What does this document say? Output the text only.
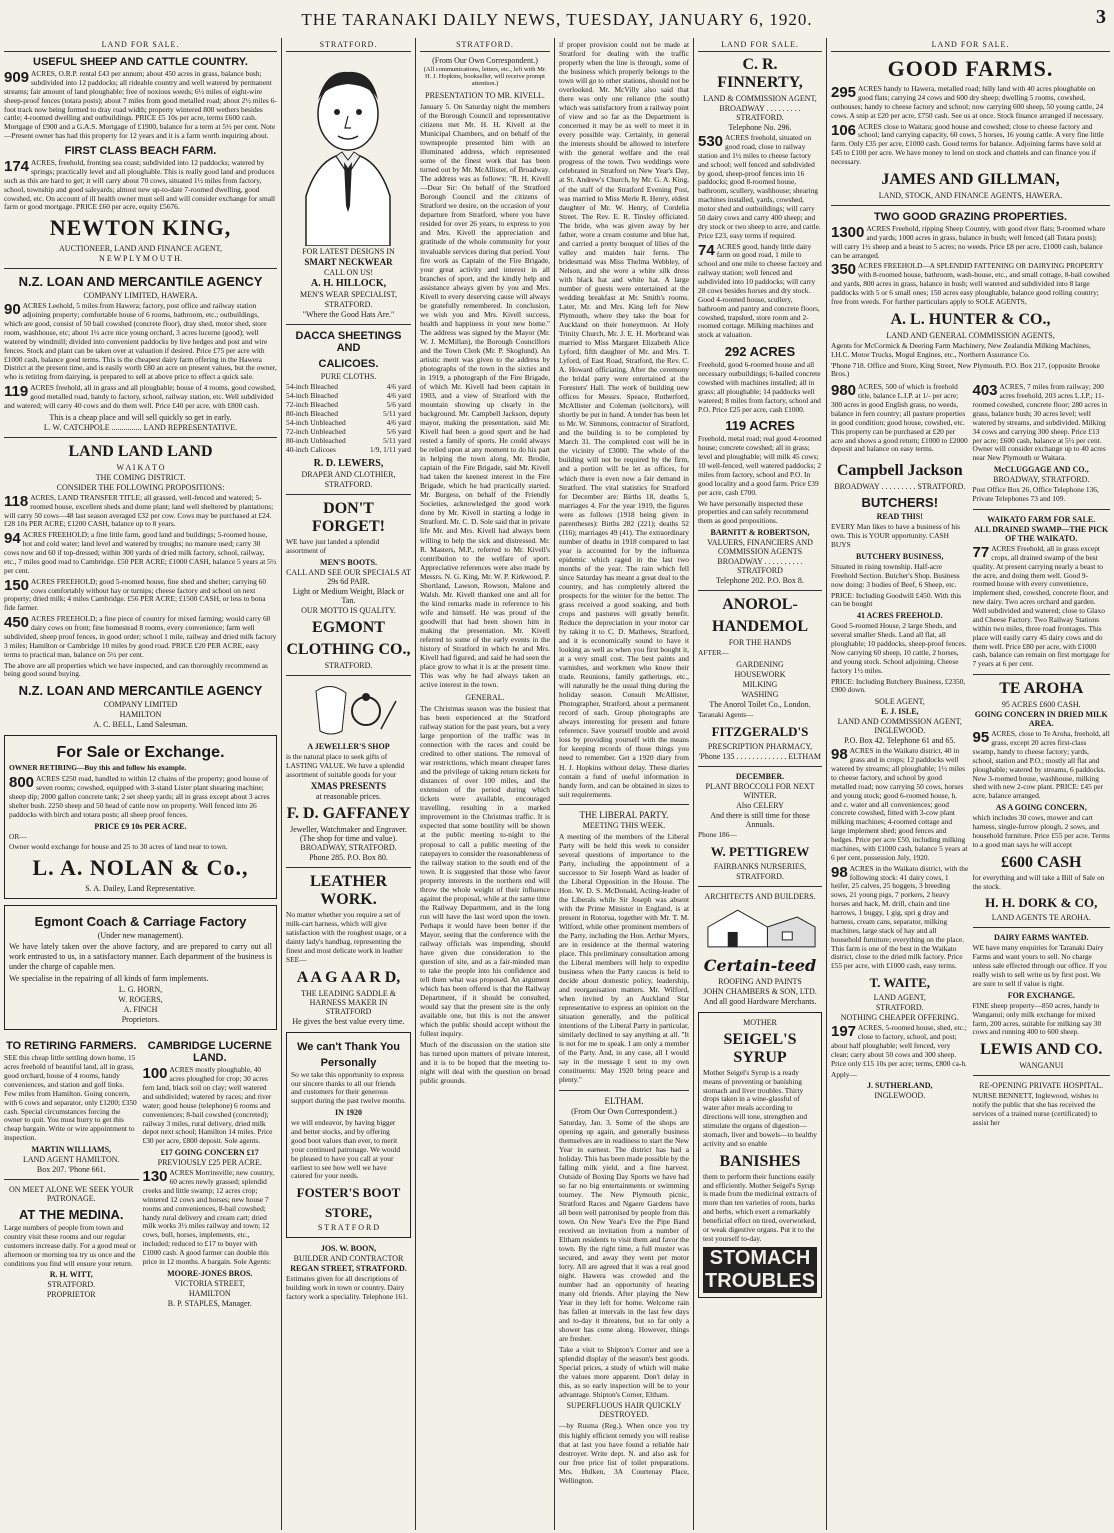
THE TARANAKI DAILY NEWS, TUESDAY, JANUARY 6, 1920.	3
LAND FOR SALE.
USEFUL SHEEP AND CATTLE COUNTRY.
909 ACRES, O.R.P. rental £43 per annum; about 450 acres in grass, balance bush; subdivided into 12 paddocks; all rideable country and well watered by permanent streams; fair amount of land ploughable; free of noxious weeds; 6½ miles of eight-wire sheep-proof fences (totara posts); about 7 miles from good metalled road; about 2½ miles 6-foot track now being formed to dray road width; property wintered 800 wethers besides cattle; 4-roomed dwelling and outbuildings. PRICE £5 10s per acre, terms £600 cash. Mortgage of £900 and a G.A.S. Mortgage of £1900, balance for a term at 5½ per cent. Note—Present owner has had this property for 12 years and it is a farm worth inquiring about.
FIRST CLASS BEACH FARM.
174 ACRES, freehold, fronting sea coast; subdivided into 12 paddocks; watered by springs; practically level and all ploughable. This is really good land and produces such as this are hard to get; it will carry about 70 cows, situated 1½ miles from factory, school, township and good saleyards; almost new up-to-date 7-roomed dwelling, good cowshed, etc. On account of ill health owner must sell and will consider exchange for small farm or good mortgage. PRICE £60 per acre, equity £5676.
NEWTON KING,
AUCTIONEER, LAND AND FINANCE AGENT,
N E W P L Y M O U T H.
N.Z. LOAN AND MERCANTILE AGENCY
COMPANY LIMITED, HAWERA.
90 ACRES Leehold, 5 miles from Hawera; factory, post office and railway station adjoining property; comfortable house of 6 rooms, bathroom, etc.; outbuildings, which are good, consist of 50 bail cowshed (concrete floor), dray shed, motor shed, store room, washhouse, etc; about 1½ acre nice young orchard, 3 acres lucerne (good); well watered by windmill; divided into convenient paddocks by live hedges and post and wire fences. Stock and plant can be taken over at valuation if desired. Price £75 per acre with £1000 cash, balance good terms. This is the cheapest dairy farm offering in the Hawera District at the present time, and is easily worth £80 an acre on present values, but the owner, who is retiring from dairying, is prepared to sell at above price to effect a quick sale.
119 ACRES freehold, all in grass and all ploughable; house of 4 rooms, good cowshed, good metalled road, handy to factory, school, railway station, etc. Well subdivided and watered; will carry 40 cows and do them well. Price £40 per acre, with £800 cash.
This is a cheap place and will sell quickly so get in early.
L. W. CATCHPOLE ............... LAND REPRESENTATIVE.
LAND LAND LAND
W A I K A T O
THE COMING DISTRICT.
CONSIDER THE FOLLOWING PROPOSITIONS:
118 ACRES, LAND TRANSFER TITLE; all grassed, well-fenced and watered; 5-roomed house, excellent sheds and dome plant; land well sheltered by plantations; will carry 50 cows—48 last season averaged £32 per cow. Cows may be purchased at £24. £28 10s PER ACRE; £1200 CASH, balance up to 8 years.
94 ACRES FREEHOLD; a fine little farm, good land and buildings; 5-roomed house, hot and cold water; land level and watered by troughs; no manure used; carry 30 cows now and 60 if top-dressed; within 300 yards of dried milk factory, school, railway, etc., 7 miles good road to Cambridge. £50 PER ACRE; £1000 CASH, balance 5 years at 5½ per cent.
150 ACRES FREEHOLD; good 5-roomed house, fine shed and shelter; carrying 60 cows comfortably without hay or turnips; cheese factory and school on next property; dried milk; 4 miles Cambridge. £56 PER ACRE; £1500 CASH, or less to bona fide farmer.
450 ACRES FREEHOLD; a fine piece of country for mixed farming; would carry 60 dairy cows on front; fine homestead 8 rooms, every convenience; farm well subdivided, sheep proof fences, in good order; school 1 mile, railway and dried milk factory 3 miles; Hamilton or Cambridge 10 miles by good road. PRICE £20 PER ACRE, easy terms to practical man, balance on 5½ per cent.
The above are all properties which we have inspected, and can thoroughly recommend as being good sound buying.
N.Z. LOAN AND MERCANTILE AGENCY
COMPANY LIMITED
HAMILTON
A. C. BELL, Land Salesman.
For Sale or Exchange.
OWNER RETIRING—Buy this and follow his example.
800 ACRES £250 road, handled to within 12 chains of the property; good house of seven rooms; cowshed, equipped with 3-stand Lister plant shearing machine; sheep dip; 2000 gallon concrete tank; 2 set sheep yards; all in grass except about 3 acres shelter bush. 2250 sheep and 50 head of cattle now on property. Well fenced into 26 paddocks with birch and totara posts; all sheep proof fences.
PRICE £9 10s PER ACRE.
OR—
Owner would exchange for house and 25 to 30 acres of land near to town.
L. A. NOLAN & Co.,
S. A. Dailey, Land Representative.
Egmont Coach & Carriage Factory
(Under new management).
We have lately taken over the above factory, and are prepared to carry out all work entrusted to us, in a satisfactory manner. Each department of the business is under the charge of capable men.
We specialise in the repairing of all kinds of farm implements.
L. G. HORN,
W. ROGERS,
A. FINCH
Proprietors.
TO RETIRING FARMERS.
SEE this cheap little settling down home, 15 acres freehold of beautiful land, all in grass, good orchard, house of 4 rooms, handy conveniences, and station and golf links. Few miles from Hamilton. Going concern, with 6 cows and separator, only £1200; £350 cash. Special circumstances forcing the owner to quit. You must hurry to get this cheap bargain. Write or wire appointment to inspection.
MARTIN WILLIAMS,
LAND AGENT HAMILTON.
Box 207. 'Phone 661.
ON MEET ALONE WE SEEK YOUR PATRONAGE.
AT THE MEDINA.
Large numbers of people from town and country visit these rooms and our regular customers increase daily. For a good meal or afternoon or morning tea try us once and the conditions you find will ensure your return.
R. H. WITT,
STRATFORD.
PROPRIETOR
CAMBRIDGE LUCERNE LAND.
100 ACRES mostly ploughable, 40 acres ploughed for crop; 30 acres fern land, black soil on clay; well watered and subdivided; watered by races; and river water; good house (telephone) 6 rooms and conveniences; 8-bail cowshed (concreted); railway 3 miles, rural delivery, dried milk depot next school; Hamilton 14 miles. Price £30 per acre, £800 deposit. Sole agents.
£17 GOING CONCERN £17
PREVIOUSLY £25 PER ACRE.
130 ACRES Morrinsville; new country, 60 acres newly grassed; splendid creeks and little swamp; 12 acres crop; wintered 12 cows and horses; new house 7 rooms and conveniences, 8-bail cowshed; handy rural delivery and cream cart; dried milk works 3½ miles railway and town; 12 cows, bull, horses, implements, etc., included; reduced to £17 to buyer with £1000 cash. A good farmer can double this price in 12 months. A bargain. Sole Agents:
MOORE-JONES BROS.
VICTORIA STREET,
HAMILTON
B. P. STAPLES, Manager.
STRATFORD.
FOR LATEST DESIGNS IN
SMART NECKWEAR
CALL ON US!
A. H. HILLOCK,
MEN'S WEAR SPECIALIST,
STRATFORD.
"Where the Good Hats Are."
DACCA SHEETINGS AND
CALICOES.
PURE CLOTHS.
54-inch Bleached	4/6 yard
54-inch Bleached	4/6 yard
72-inch Bleached	5/6 yard
80-inch Bleached	5/11 yard
54-inch Unbleached	4/6 yard
72-inch Unbleached	5/6 yard
80-inch Unbleached	5/11 yard
40-inch Calicoes	1/9, 1/11 yard
R. D. LEWERS,
DRAPER AND CLOTHIER,
STRATFORD.
DON'T FORGET!
WE have just landed a splendid assortment of
MEN'S BOOTS.
CALL AND SEE OUR SPECIALS AT 29s 6d PAIR.
Light or Medium Weight, Black or Tan.
OUR MOTTO IS QUALITY.
EGMONT
CLOTHING CO.,
STRATFORD.
A JEWELLER'S SHOP
is the natural place to seek gifts of LASTING VALUE. We have a splendid assortment of suitable goods for your
XMAS PRESENTS
at reasonable prices.
F. D. GAFFANEY
Jeweller, Watchmaker and Engraver. (The shop for time and value). BROADWAY, STRATFORD.
Phone 285. P.O. Box 80.
LEATHER WORK.
No matter whether you require a set of milk-cart harness, which will give satisfaction with the roughest usage, or a dainty lady's handbag, representing the finest and most delicate work in leather SEE—
A A G A A R D,
THE LEADING SADDLE & HARNESS MAKER IN STRATFORD
He gives the best value every time.
We can't Thank You
Personally
So we take this opportunity to express our sincere thanks to all our friends and customers for their generous support during the past twelve months.
IN 1920
we will endeavor, by having bigger and better stocks, and by offering good boot values than ever, to merit your continued patronage. We would be pleased to have you call at your earliest to see how well we have catered for your needs.
FOSTER'S BOOT
STORE,
S T R A T F O R D
JOS. W. BOON,
BUILDER AND CONTRACTOR
REGAN STREET, STRATFORD.
Estimates given for all descriptions of building work in town or country. Dairy factory work a speciality. Telephone 161.
STRATFORD.
(From Our Own Correspondent.)
(All communications, letters, etc., left with Mr. H. J. Hopkins, bookseller, will receive prompt attention.)
PRESENTATION TO MR. KIVELL.
January 5. On Saturday night the members of the Borough Council and representative citizens met Mr. H. H. Kivell at the Municipal Chambers, and on behalf of the townspeople presented him with an illuminated address, which represented some of the finest work that has been turned out by Mr. McAllister, of Broadway. The address was as follows: "R. H. Kivell—Dear Sir: On behalf of the Stratford Borough Council and the citizens of Stratford we desire, on the occasion of your departure from Stratford, where you have resided for over 26 years, to express to you and Mrs. Kivell the appreciation and gratitude of the whole community for your invaluable services during that period. Your fire work as Captain of the Fire Brigade, your great activity and interest in all branches of sport, and the kindly help and assistance always given by you and Mrs. Kivell to every deserving cause will always be gratefully remembered. In conclusion, we wish you and Mrs. Kivell success, health and happiness in your new home." The address was signed by the Mayor (Mr. W. J. McMillan), the Borough Councillors and the Town Clerk (Mr. P. Skoglund). An artistic merit was given to the address by photographs of the town in the sixties and in 1919, a photograph of the Fire Brigade, of which Mr. Kivell had been captain in 1903, and a view of Stratford with the mountain showing up clearly in the background. Mr. Campbell Jackson, deputy mayor, making the presentation, said Mr. Kivell had been a good sport and he had rested a family of sports. He could always be relied upon at any moment to do his part in helping the town along. Mr. Brodie, captain of the Fire Brigade, said Mr. Kivell had taken the keenest interest in the Fire Brigade, which he had practically started. Mr. Burgess, on behalf of the Friendly Societies, acknowledged the good work done by Mr. Kivell in starting a lodge in Stratford. Mr. C. D. Sole said that in private life Mr. and Mrs. Kivell had always been willing to help the sick and distressed. Mr. R. Masters, M.P., referred to Mr. Kivell's contribution to the welfare of sport. Appreciative references were also made by Messrs. N. G. King, Mr. W. P. Kirkwood, P. Shortland, Lawson, Rowson, Malone and Walsh. Mr. Kivell thanked one and all for the kind remarks made in reference to his wife and himself. He was proud of the goodwill that had been shown him in making the presentation. Mr. Kivell referred to some of the early events in the history of Stratford in which he and Mrs. Kivell had figured, and said he had seen the place grow to what it is at the present time. This was why he had always taken an active interest in the town.
GENERAL.
The Christmas season was the busiest that has been experienced at the Stratford railway station for the past years, but a very large proportion of the traffic was in connection with the races and could be credited to other stations. The removal of war restrictions, which meant cheaper fares and the privilege of taking return tickets for distances of over 100 miles, and the extension of the period during which tickets were available, encouraged travelling, resulting in a marked improvement in the Christmas traffic. It is expected that some hostility will be shown at the public meeting to-night to the proposal to call a public meeting of the ratepayers to consider the reasonableness of the railway station to the south end of the town. It is suggested that those who favor property interests in the northern end will throw the whole weight of their influence against the proposal, while at the same time the Railway Department, and in the long run will have the last word upon the town. Perhaps it would have been better if the Mayor, seeing that the conference with the railway officials was impending, should have given due consideration to the question of site, and as a fair-minded man to take the people into his confidence and tell them what was proposed. An argument which has been offered is that the Railway Department, if it should be consulted, would say that the present site is the only available one, but this is not the answer which the public should accept without the fullest inquiry.
Much of the discussion on the station site has turned upon matters of private interest, and it is to be hoped that the meeting to-night will deal with the question on broad public grounds.
if proper provision could not be made at Stratford for dealing with the traffic properly when the line is through, some of the business which properly belongs to the town will go to other stations, should not be overlooked. Mr. McVilly also said that there was only one reliance (the south) which was satisfactory from a railway point of view and so far as the Department is concerned it may be as well to meet it in every possible way. Certainly, in general the interests should be allowed to interfere with the general welfare and the real progress of the town. Two weddings were celebrated in Stratford on New Year's Day, at St. Andrew's Church, by Mr. G. A. King, of the staff of the Stratford Evening Post, was married to Miss Merle R. Henry, eldest daughter of Mr. W. Henry, of Cordelia Street. The Rev. E. R. Tinsley officiated. The bride, who was given away by her father, wore a cream costume and blue hat, and carried a pretty bouquet of lilies of the valley and maiden hair ferns. The bridesmaid was Miss Thelma Webbley, of Nelson, and she wore a white silk dress with black hat and white hat. A large number of guests were entertained at the wedding breakfast at Mr. Smith's rooms. Later, Mr. and Mrs. King left for New Plymouth, where they take the boat for Auckland on their honeymoon. At Holy Trinity Church, Mr. J. E. H. Morbrand was married to Miss Margaret Elizabeth Alice Lyford, fifth daughter of Mr. and Mrs. T. Lyford, of East Road, Stratford, the Rev. C. A. Howard officiating. After the ceremony the bridal party were entertained at the Foresters' Hall. The work of building new offices for Messrs. Speace, Rutherford, McAllister and Coleman (solicitors), will shortly be put in hand. A tender has been let to Mr. W. Simmons, contractor of Stratford, and the building is to be completed by March 31. The completed cost will be in the vicinity of £3000. The whole of the building will not be required by the firm, and a portion will be let as offices, for which there is even now a fair demand in Stratford. The vital statistics for Stratford for December are: Births 18, deaths 5, marriages 4. For the year 1919, the figures were as follows (1918 being given in parentheses): Births 282 (221); deaths 52 (116); marriages 49 (41). The extraordinary number of deaths in 1918 compared to last year is accounted for by the influenza epidemic which raged in the last two months of the year. The rain which fell since Saturday has meant a great deal to the country, and has completely altered the prospects for the winter for the better. The grass received a good soaking, and both crops and pastures will greatly benefit. Reduce the depreciation in your motor car by taking it to C. D. Mathews, Stratford, and it is economically sound to have it looking as well as when you first bought it, at a very small cost. The best paints and varnishes, and workmen who know their trade. Reunions, family gatherings, etc., will naturally be the usual thing during the holiday season. Consult McAllister, Photographer, Stratford, about a permanent record of each. Group photographs are always interesting for present and future reference. Save yourself trouble and avoid loss by providing yourself with the means for keeping records of those things you need to remember. Get a 1920 diary from H. J. Hopkins without delay. These diaries contain a fund of useful information in handy form, and can be obtained in sizes to suit requirements.
THE LIBERAL PARTY.
MEETING THIS WEEK.
A meeting of the members of the Liberal Party will be held this week to consider several questions of importance to the Party, including the appointment of a successor to Sir Joseph Ward as leader of the Liberal Opposition in the House. The Hon. W. D. S. McDonald, Acting-leader of the Liberals while Sir Joseph was absent with the Prime Minister in England, is at present in Rotorua, together with Mr. T. M. Wilford, while other prominent members of the Party, including the Hon. Arthur Myers, are in residence at the thermal watering place. This preliminary consultation among the Liberal members will help to expedite business when the Party caucus is held to decide about domestic policy, leadership, and reorganisation matters. Mr. Wilford, when invited by an Auckland Star representative to express an opinion on the situation generally, and the political intentions of the Liberal Party in particular, similarly declined to say anything at all. "It is not for me to speak. I am only a member of the Party. And, in any case, all I would say in the message I sent to my own constituents: May 1920 bring peace and plenty."
ELTHAM.
(From Our Own Correspondent.)
Saturday, Jan. 3. Some of the shops are opening up again, and generally business themselves are in readiness to start the New Year in earnest. The district has had a holiday. This has been made possible by the falling milk yield, and a fine harvest. Outside of Boxing Day Sports we have had so far no big entertainments or swimming tourney. The New Plymouth picnic, Stratford Races and Ngaere Gardens have all been well patronised by people from this town. On New Year's Eve the Pipe Band received an invitation from a number of Eltham residents to visit them and favor the town. By the right time, a full muster was secured, and away they went per motor lorry. All are agreed that it was a real good night. Hawera was crowded and the number had an opportunity of hearing many old friends. After playing the New Year in they left for home. Welcome rain has fallen at intervals in the last few days and to-day it threatens, but so far only a shower has come along. However, things are fresher.
Take a visit to Shipton's Corner and see a splendid display of the season's best goods. Special prices, a study of which will make the values more apparent. Don't delay in this, as so early inspection will be to your advantage. Shipton's Corner, Eltham.
SUPERFLUOUS HAIR QUICKLY DESTROYED.
—by Rusma (Reg.). When once you try this highly efficient remedy you will realise that at last you have found a reliable hair destroyer. Write dept. N. and also ask for our free price list of toilet preparations. Mrs. Hulken, 3A Courtenay Place, Wellington.
LAND FOR SALE.
C. R. FINNERTY,
LAND & COMMISSION AGENT,
BROADWAY . . . . . . . . . STRATFORD.
Telephone No. 296.
530 ACRES freehold, situated on good road, close to railway station and 1½ miles to cheese factory and school; well fenced and subdivided by good, sheep-proof fences into 16 paddocks; good 8-roomed house, bathroom, scullery, washhouse; shearing machines installed, yards, cowshed, motor shed and outbuildings; will carry 50 dairy cows and carry 400 sheep; and dry stock or two sheep to acre, and cattle. Price £23, easy terms if required.
74 ACRES good, handy little dairy farm on good road, 1 mile to school and one mile to cheese factory and railway station; well fenced and subdivided into 10 paddocks; will carry 28 cows besides horses and dry stock. Good 4-roomed house, scullery, bathroom and pantry and concrete floors, cowshed, trapshed, store room and 2-roomed cottage. Milking machines and stock at valuation.
292 ACRES
Freehold, good 6-roomed house and all necessary outbuildings; 6-bailed concrete cowshed with machines installed; all in grass; all ploughable; 14 paddocks well watered; 8 miles from factory, school and P.O. Price £25 per acre, cash £1000.
119 ACRES
Freehold, metal road; real good 4-roomed house; concrete cowshed; all in grass; level and ploughable; will milk 45 cows; 10 well-fenced, well watered paddocks; 2 miles from factory, school and P.O. In good locality and a good farm. Price £39 per acre, cash £700.
We have personally inspected these properties and can safely recommend them as good propositions.
BARNITT & ROBERTSON,
VALUERS, FINANCIERS AND COMMISSION AGENTS
BROADWAY . . . . . . . . . . STRATFORD
Telephone 202. P.O. Box 8.
ANOROL-
HANDEMOL
FOR THE HANDS
AFTER—
GARDENING
HOUSEWORK
MILKING
WASHING
The Anorol Toilet Co., London.
Taranaki Agents—
FITZGERALD'S
PRESCRIPTION PHARMACY,
'Phone 135 . . . . . . . . . . . . . ELTHAM
DECEMBER.
PLANT BROCCOLI FOR NEXT WINTER.
Also CELERY
And there is still time for those Annuals.
Phone 186—
W. PETTIGREW
FAIRBANKS NURSERIES,
STRATFORD.
ARCHITECTS AND BUILDERS.
Certain-teed
ROOFING AND PAINTS
JOHN CHAMBERS & SON, LTD.
And all good Hardware Merchants.
MOTHER
SEIGEL'S SYRUP
Mother Seigel's Syrup is a ready means of preventing or banishing stomach and liver troubles. Thirty drops taken in a wine-glassful of water after meals according to directions will tone, strengthen and stimulate the organs of digestion—stomach, liver and bowels—to healthy activity and so enable
BANISHES
them to perform their functions easily and efficiently. Mother Seigel's Syrup is made from the medicinal extracts of more than ten varieties of roots, barks and herbs, which exert a remarkably beneficial effect on tired, overworked, or weak digestive organs. Put it to the test yourself to-day.
STOMACH
TROUBLES
LAND FOR SALE.
GOOD FARMS.
295 ACRES handy to Hawera, metalled road; hilly land with 40 acres ploughable on good flats; carrying 24 cows and 600 dry sheep; dwelling 5 rooms, cowshed, outhouses; handy to cheese factory and school; now carrying 600 sheep, 50 young cattle, 24 cows. A snip at £20 per acre, £750 cash. See us at once. Stock finance arranged if necessary.
106 ACRES close to Waitara; good house and cowshed; close to cheese factory and school; land carrying capacity, 60 cows, 5 horses, 16 young cattle. A very fine little farm. Only £35 per acre, £1000 cash. Good terms for balance. Adjoining farms have sold at £45 to £100 per acre. We have money to lend on stock and chattels and can finance you if necessary.
JAMES AND GILLMAN,
LAND, STOCK, AND FINANCE AGENTS, HAWERA.
TWO GOOD GRAZING PROPERTIES.
1300 ACRES Freehold, ripping Sheep Country, with good river flats; 9-roomed whare and yards; 1000 acres in grass, balance in bush; well fenced (all Totara posts); will carry 1½ sheep and a beast to 5 acres; no weeds. Price £8 per acre, £1000 cash, balance can be arranged.
350 ACRES FREEHOLD—A SPLENDID FATTENING OR DAIRYING PROPERTY with 8-roomed house, bathroom, wash-house, etc., and small cottage, 8-bail cowshed and yards, 800 acres in grass, balance in bush; well watered and subdivided into 8 large paddocks with 5 or 6 small ones; 150 acres easy ploughable, balance good rolling country; free from weeds. For further particulars apply to SOLE AGENTS,
A. L. HUNTER & CO.,
LAND AND GENERAL COMMISSION AGENTS,
Agents for McCormick & Deering Farm Machinery, New Zealandia Milking Machines, I.H.C. Motor Trucks, Mogul Engines, etc., Northern Assurance Co.
'Phone 718. Office and Store, King Street, New Plymouth. P.O. Box 217, (opposite Brooke Bros.)
980 ACRES, 500 of which is freehold title, balance L.I.P. at 1/- per acre; 300 acres in good English grass, no weeds, balance in fern country; all pasture properties in good condition; good house, cowshed, etc. This property can be purchased at £20 per acre and shows a good return; £1000 to £2000 deposit and balance on easy terms.
Campbell Jackson
BROADWAY . . . . . . . . . STRATFORD.
BUTCHERS!
READ THIS!
EVERY Man likes to have a business of his own. This is YOUR opportunity. CASH BUYS
BUTCHERY BUSINESS,
Situated in rising township. Half-acre Freehold Section. Butcher's Shop. Business now doing: 3 bodies of Beef, 6 Sheep, etc.
PRICE: Including Goodwill £450. With this can be bought
41 ACRES FREEHOLD.
Good 5-roomed House, 2 large Sheds, and several smaller Sheds. Land all flat, all ploughable; 10 paddocks, sheep-proof fences. Now carrying 60 sheep, 10 cattle, 2 horses, and young stock. School adjoining. Cheese factory 1½ miles.
PRICE: Including Butchery Business, £2350, £900 down.
SOLE AGENT,
E. J. ISLE,
LAND AND COMMISSION AGENT, INGLEWOOD.
P.O. Box 42. Telephone 61 and 65.
98 ACRES in the Waikato district, 40 in grass and in crops; 12 paddocks well watered by streams; all ploughable; 1½ miles to cheese factory, and school by good metalled road; now carrying 50 cows, horses and young stock; good 6-roomed house, h. and c. water and all conveniences; good concrete cowshed, fitted with 3-cow plant milking machines; 4-roomed cottage and large implement shed; good fences and hedges. Price per acre £50, including milking machines, with £1000 cash, balance 5 years at 6 per cent, possession July, 1920.
98 ACRES in the Waikato district, with the following stock: 41 dairy cows, 1 heifer, 25 calves, 25 hoggets, 3 breeding sows, 21 young pigs, 7 porkers, 2 heavy horses and hack, M. drill, chain and tine harrows, 1 buggy, 1 gig, spri g dray and harness, cream cans, separator, milking machines, large stack of hay and all household furniture; everything on the place. This farm is one of the best in the Waikato district, close to the dried milk factory. Price £55 per acre, with £1000 cash, easy terms.
T. WAITE,
LAND AGENT,
STRATFORD.
NOTHING CHEAPER OFFERING.
197 ACRES, 5-roomed house, shed, etc.; close to factory, school, and post; about half ploughable; well fenced, very clean; carry about 50 cows and 300 sheep. Price only £15 10s per acre; terms, £800 ca-h.
Apply—
J. SUTHERLAND,
INGLEWOOD.
403 ACRES, 7 miles from railway; 200 acres freehold, 203 acres L.I.P.; 11-roomed cowshed, concrete floor; 280 acres in grass, balance bush; 30 acres level; well watered by streams, and subdivided. Milking 34 cows and carrying 300 sheep. Price £13 per acre; £600 cash, balance at 5½ per cent. Owner will consider exchange up to 40 acres near New Plymouth or Waitara.
McCLUGGAGE AND CO.,
BROADWAY, STRATFORD.
Post Office Box 26, Office Telephone 136, Private Telephones 73 and 109.
WAIKATO FARM FOR SALE.
ALL DRAINED SWAMP—THE PICK OF THE WAIKATO.
77 ACRES Freehold, all in grass except crops, all drained swamp of the best quality. At present carrying nearly a beast to the acre, and doing them well. Good 9-roomed house with every convenience, implement shed, cowshed, concrete floor, and new dairy. Two acres orchard and garden. Well subdivided and watered; close to Glaxo and Cheese Factory. Two Railway Stations within two miles, three road frontages. This place will easily carry 45 dairy cows and do them well. Price £80 per acre, with £1000 cash, balance can remain on first mortgage for 7 years at 6 per cent.
TE AROHA
95 ACRES £600 CASH.
GOING CONCERN IN DRIED MILK AREA.
95 ACRES, close to Te Aroha, freehold, all grass, except 20 acres first-class swamp, handy to cheese factory; yards, school, station and P.O.; mostly all flat and ploughable; watered by streams, 6 paddocks. New 3-roomed house, washhouse, milking shed with new 2-cow plant. PRICE: £45 per acre, balance arranged.
AS A GOING CONCERN,
which includes 30 cows, mower and cart harness, single-furrow plough, 2 sows, and household furniture. Price £55 per acre. Terms to a good man says he will accept
£600 CASH
for everything and will take a Bill of Sale on the stock.
H. H. DORK & CO,
LAND AGENTS TE AROHA.
DAIRY FARMS WANTED.
WE have many enquiries for Taranaki Dairy Farms and want yours to sell. No charge unless sale effected through our office. If you really wish to sell write us by first post. We are sure to sell if value is right.
FOR EXCHANGE.
FINE sheep property—850 acres, handy to Wanganui; only milk exchange for mixed farm, 200 acres, suitable for milking say 30 cows and running 400 to 600 sheep.
LEWIS AND CO.
WANGANUI
RE-OPENING PRIVATE HOSPITAL.
NURSE BENNETT, Inglewood, wishes to notify the public that she has received the services of a trained nurse (certificated) to assist her
